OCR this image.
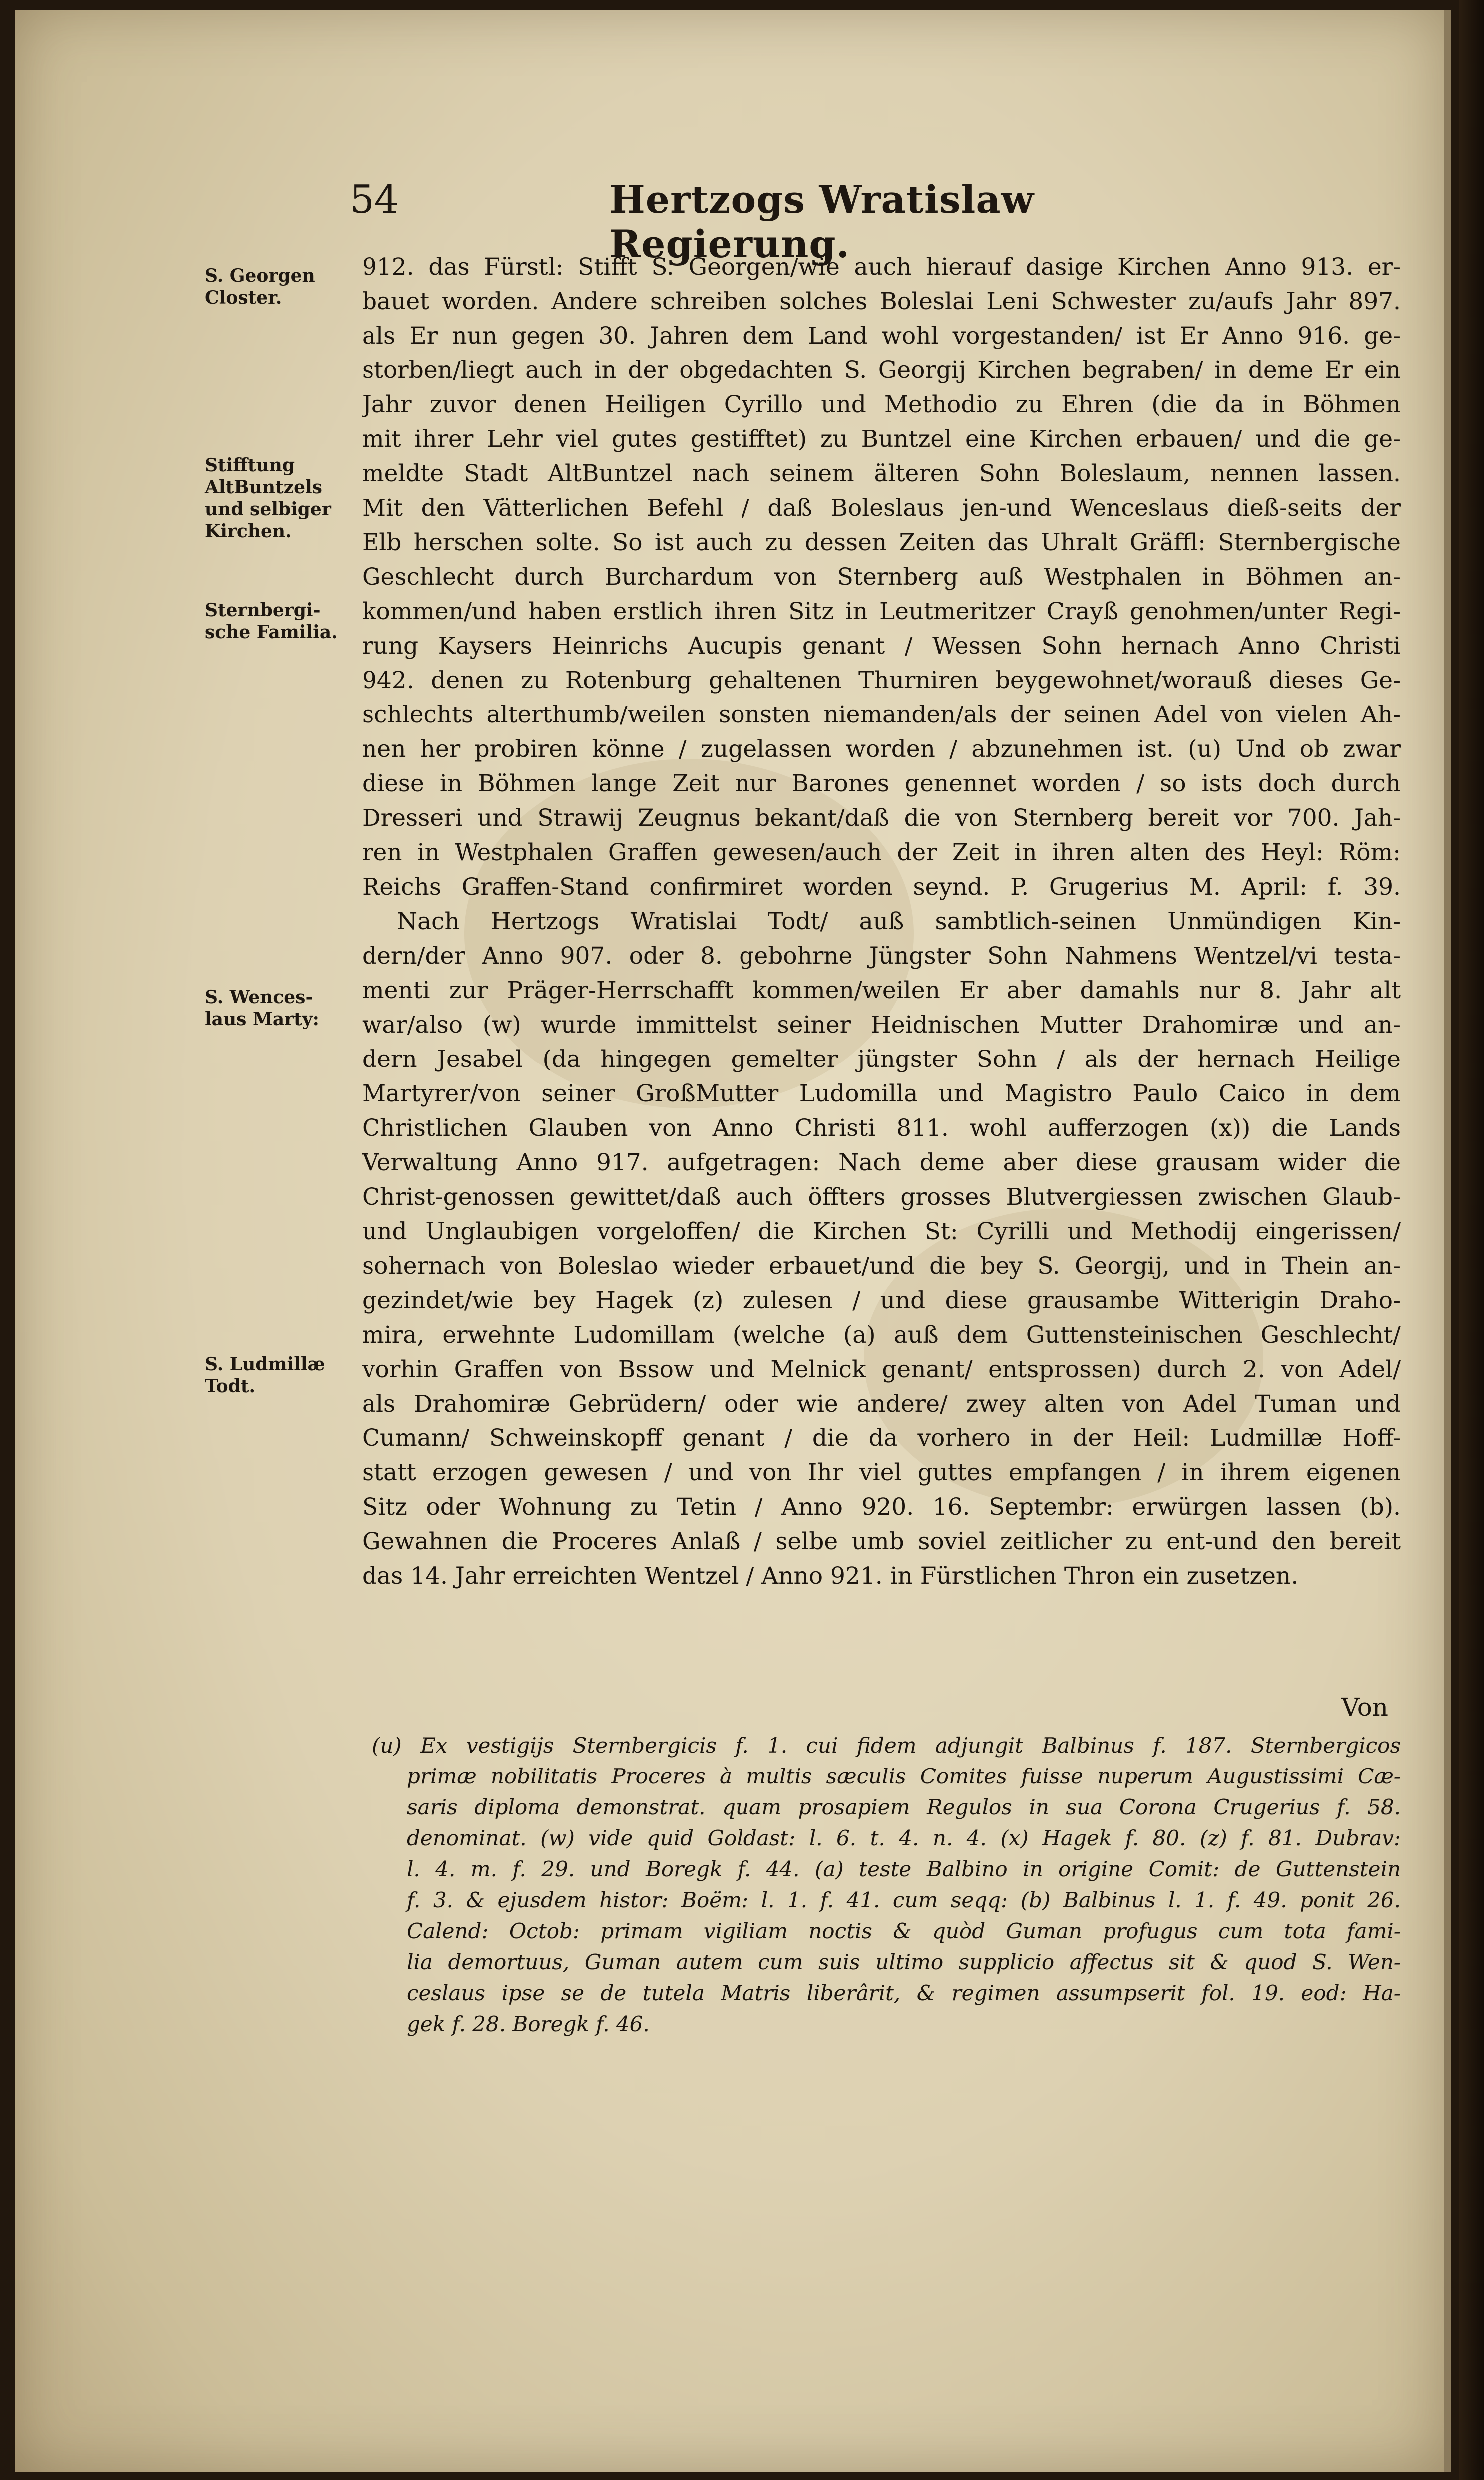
54	Hertzogs Wratislaw Regierung.
S. Georgen
Closter.
Stifftung
AltBuntzels
und selbiger
Kirchen.
Sternbergi-
sche Familia.
S. Wences-
laus Marty:
S. Ludmillæ
Todt.
912. das Fürstl: Stifft S. Georgen/wie auch hierauf dasige Kirchen Anno 913. er-
bauet worden. Andere schreiben solches Boleslai Leni Schwester zu/aufs Jahr 897.
als Er nun gegen 30. Jahren dem Land wohl vorgestanden/ ist Er Anno 916. ge-
storben/liegt auch in der obgedachten S. Georgij Kirchen begraben/ in deme Er ein
Jahr zuvor denen Heiligen Cyrillo und Methodio zu Ehren (die da in Böhmen
mit ihrer Lehr viel gutes gestifftet) zu Buntzel eine Kirchen erbauen/ und die ge-
meldte Stadt AltBuntzel nach seinem älteren Sohn Boleslaum, nennen lassen.
Mit den Vätterlichen Befehl / daß Boleslaus jen-und Wenceslaus dieß-seits der
Elb herschen solte. So ist auch zu dessen Zeiten das Uhralt Gräffl: Sternbergische
Geschlecht durch Burchardum von Sternberg auß Westphalen in Böhmen an-
kommen/und haben erstlich ihren Sitz in Leutmeritzer Crayß genohmen/unter Regi-
rung Kaysers Heinrichs Aucupis genant / Wessen Sohn hernach Anno Christi
942. denen zu Rotenburg gehaltenen Thurniren beygewohnet/worauß dieses Ge-
schlechts alterthumb/weilen sonsten niemanden/als der seinen Adel von vielen Ah-
nen her probiren könne / zugelassen worden / abzunehmen ist. (u) Und ob zwar
diese in Böhmen lange Zeit nur Barones genennet worden / so ists doch durch
Dresseri und Strawij Zeugnus bekant/daß die von Sternberg bereit vor 700. Jah-
ren in Westphalen Graffen gewesen/auch der Zeit in ihren alten des Heyl: Röm:
Reichs Graffen-Stand confirmiret worden seynd. P. Grugerius M. April: f. 39.
Nach Hertzogs Wratislai Todt/ auß sambtlich-seinen Unmündigen Kin-
dern/der Anno 907. oder 8. gebohrne Jüngster Sohn Nahmens Wentzel/vi testa-
menti zur Präger-Herrschafft kommen/weilen Er aber damahls nur 8. Jahr alt
war/also (w) wurde immittelst seiner Heidnischen Mutter Drahomiræ und an-
dern Jesabel (da hingegen gemelter jüngster Sohn / als der hernach Heilige
Martyrer/von seiner GroßMutter Ludomilla und Magistro Paulo Caico in dem
Christlichen Glauben von Anno Christi 811. wohl aufferzogen (x)) die Lands
Verwaltung Anno 917. aufgetragen: Nach deme aber diese grausam wider die
Christ-genossen gewittet/daß auch öffters grosses Blutvergiessen zwischen Glaub-
und Unglaubigen vorgeloffen/ die Kirchen St: Cyrilli und Methodij eingerissen/
sohernach von Boleslao wieder erbauet/und die bey S. Georgij, und in Thein an-
gezindet/wie bey Hagek (z) zulesen / und diese grausambe Witterigin Draho-
mira, erwehnte Ludomillam (welche (a) auß dem Guttensteinischen Geschlecht/
vorhin Graffen von Bssow und Melnick genant/ entsprossen) durch 2. von Adel/
als Drahomiræ Gebrüdern/ oder wie andere/ zwey alten von Adel Tuman und
Cumann/ Schweinskopff genant / die da vorhero in der Heil: Ludmillæ Hoff-
statt erzogen gewesen / und von Ihr viel guttes empfangen / in ihrem eigenen
Sitz oder Wohnung zu Tetin / Anno 920. 16. Septembr: erwürgen lassen (b).
Gewahnen die Proceres Anlaß / selbe umb soviel zeitlicher zu ent-und den bereit
das 14. Jahr erreichten Wentzel / Anno 921. in Fürstlichen Thron ein zusetzen.
Von
(u) Ex vestigijs Sternbergicis f. 1. cui fidem adjungit Balbinus f. 187. Sternbergicos
primæ nobilitatis Proceres à multis sæculis Comites fuisse nuperum Augustissimi Cæ-
saris diploma demonstrat. quam prosapiem Regulos in sua Corona Crugerius f. 58.
denominat. (w) vide quid Goldast: l. 6. t. 4. n. 4. (x) Hagek f. 80. (z) f. 81. Dubrav:
l. 4. m. f. 29. und Boregk f. 44. (a) teste Balbino in origine Comit: de Guttenstein
f. 3. & ejusdem histor: Boëm: l. 1. f. 41. cum seqq: (b) Balbinus l. 1. f. 49. ponit 26.
Calend: Octob: primam vigiliam noctis & quòd Guman profugus cum tota fami-
lia demortuus, Guman autem cum suis ultimo supplicio affectus sit & quod S. Wen-
ceslaus ipse se de tutela Matris liberârit, & regimen assumpserit fol. 19. eod: Ha-
gek f. 28. Boregk f. 46.
